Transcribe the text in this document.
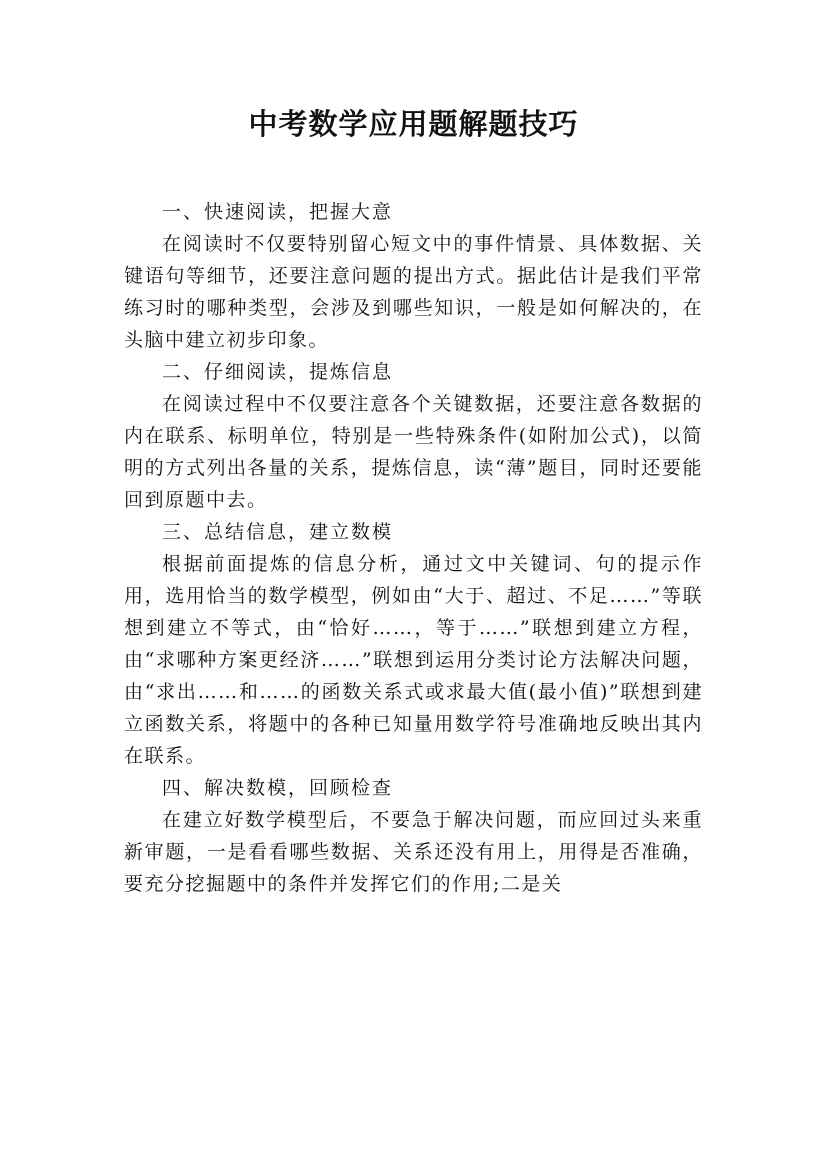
中考数学应用题解题技巧

一、快速阅读，把握大意

在阅读时不仅要特别留心短文中的事件情景、具体数据、关键语句等细节，还要注意问题的提出方式。据此估计是我们平常练习时的哪种类型，会涉及到哪些知识，一般是如何解决的，在头脑中建立初步印象。

二、仔细阅读，提炼信息

在阅读过程中不仅要注意各个关键数据，还要注意各数据的内在联系、标明单位，特别是一些特殊条件(如附加公式)，以简明的方式列出各量的关系，提炼信息，读“薄”题目，同时还要能回到原题中去。

三、总结信息，建立数模

根据前面提炼的信息分析，通过文中关键词、句的提示作用，选用恰当的数学模型，例如由“大于、超过、不足……”等联想到建立不等式，由“恰好……，等于……”联想到建立方程，由“求哪种方案更经济……”联想到运用分类讨论方法解决问题，由“求出……和……的函数关系式或求最大值(最小值)”联想到建立函数关系，将题中的各种已知量用数学符号准确地反映出其内在联系。

四、解决数模，回顾检查

在建立好数学模型后，不要急于解决问题，而应回过头来重新审题，一是看看哪些数据、关系还没有用上，用得是否准确，要充分挖掘题中的条件并发挥它们的作用;二是关
